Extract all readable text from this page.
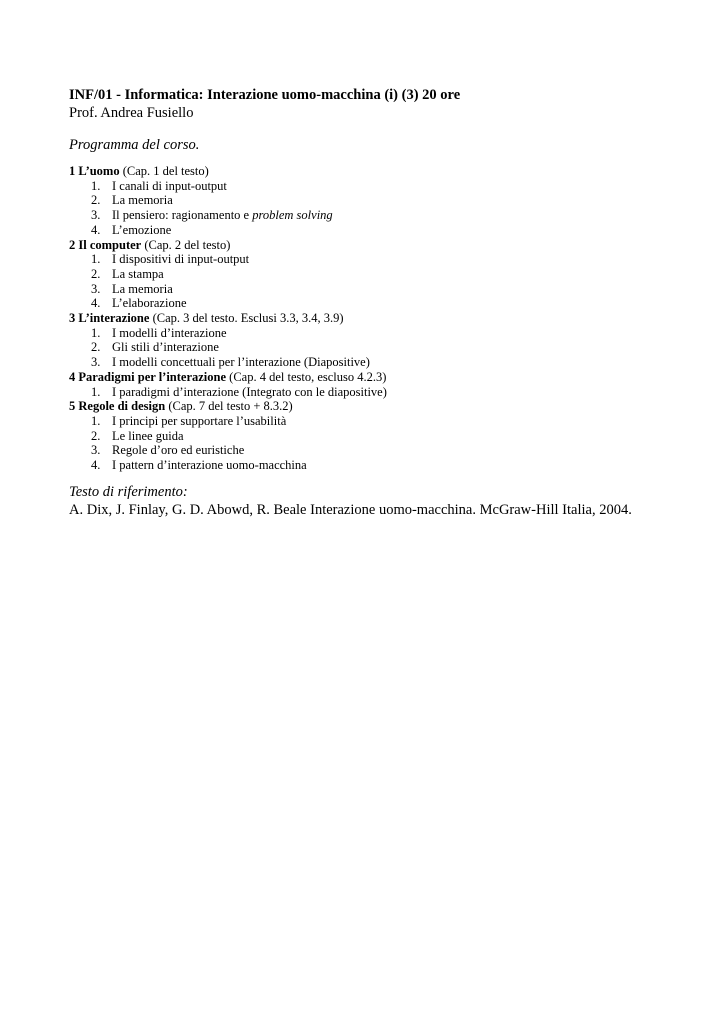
INF/01 - Informatica: Interazione uomo-macchina (i) (3) 20 ore

Prof. Andrea Fusiello

Programma del corso.

1 L’uomo (Cap. 1 del testo)
1. I canali di input-output
2. La memoria
3. Il pensiero: ragionamento e problem solving
4. L’emozione
2 Il computer (Cap. 2 del testo)
1. I dispositivi di input-output
2. La stampa
3. La memoria
4. L’elaborazione
3 L’interazione (Cap. 3 del testo. Esclusi 3.3, 3.4, 3.9)
1. I modelli d’interazione
2. Gli stili d’interazione
3. I modelli concettuali per l’interazione (Diapositive)
4 Paradigmi per l’interazione (Cap. 4 del testo, escluso 4.2.3)
1. I paradigmi d’interazione (Integrato con le diapositive)
5 Regole di design (Cap. 7 del testo + 8.3.2)
1. I principi per supportare l’usabilità
2. Le linee guida
3. Regole d’oro ed euristiche
4. I pattern d’interazione uomo-macchina

Testo di riferimento:

A. Dix, J. Finlay, G. D. Abowd, R. Beale Interazione uomo-macchina. McGraw-Hill Italia, 2004.
